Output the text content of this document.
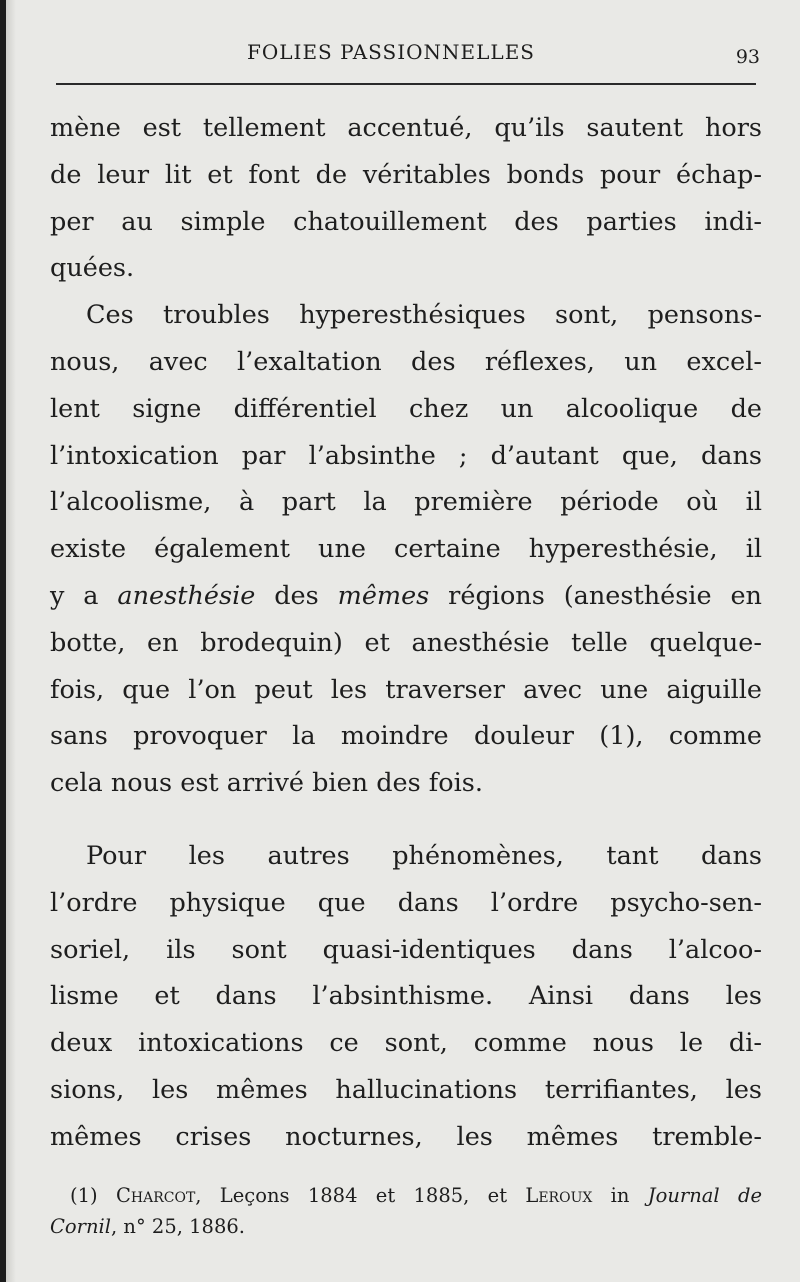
FOLIES PASSIONNELLES	93
mène est tellement accentué, qu’ils sautent hors
de leur lit et font de véritables bonds pour échap-
per au simple chatouillement des parties indi-
quées.
Ces troubles hyperesthésiques sont, pensons-
nous, avec l’exaltation des réflexes, un excel-
lent signe différentiel chez un alcoolique de
l’intoxication par l’absinthe ; d’autant que, dans
l’alcoolisme, à part la première période où il
existe également une certaine hyperesthésie, il
y a anesthésie des mêmes régions (anesthésie en
botte, en brodequin) et anesthésie telle quelque-
fois, que l’on peut les traverser avec une aiguille
sans provoquer la moindre douleur (1), comme
cela nous est arrivé bien des fois.
Pour les autres phénomènes, tant dans
l’ordre physique que dans l’ordre psycho-sen-
soriel, ils sont quasi-identiques dans l’alcoo-
lisme et dans l’absinthisme. Ainsi dans les
deux intoxications ce sont, comme nous le di-
sions, les mêmes hallucinations terrifiantes, les
mêmes crises nocturnes, les mêmes tremble-
(1) Charcot, Leçons 1884 et 1885, et Leroux in Journal de
Cornil, n° 25, 1886.
